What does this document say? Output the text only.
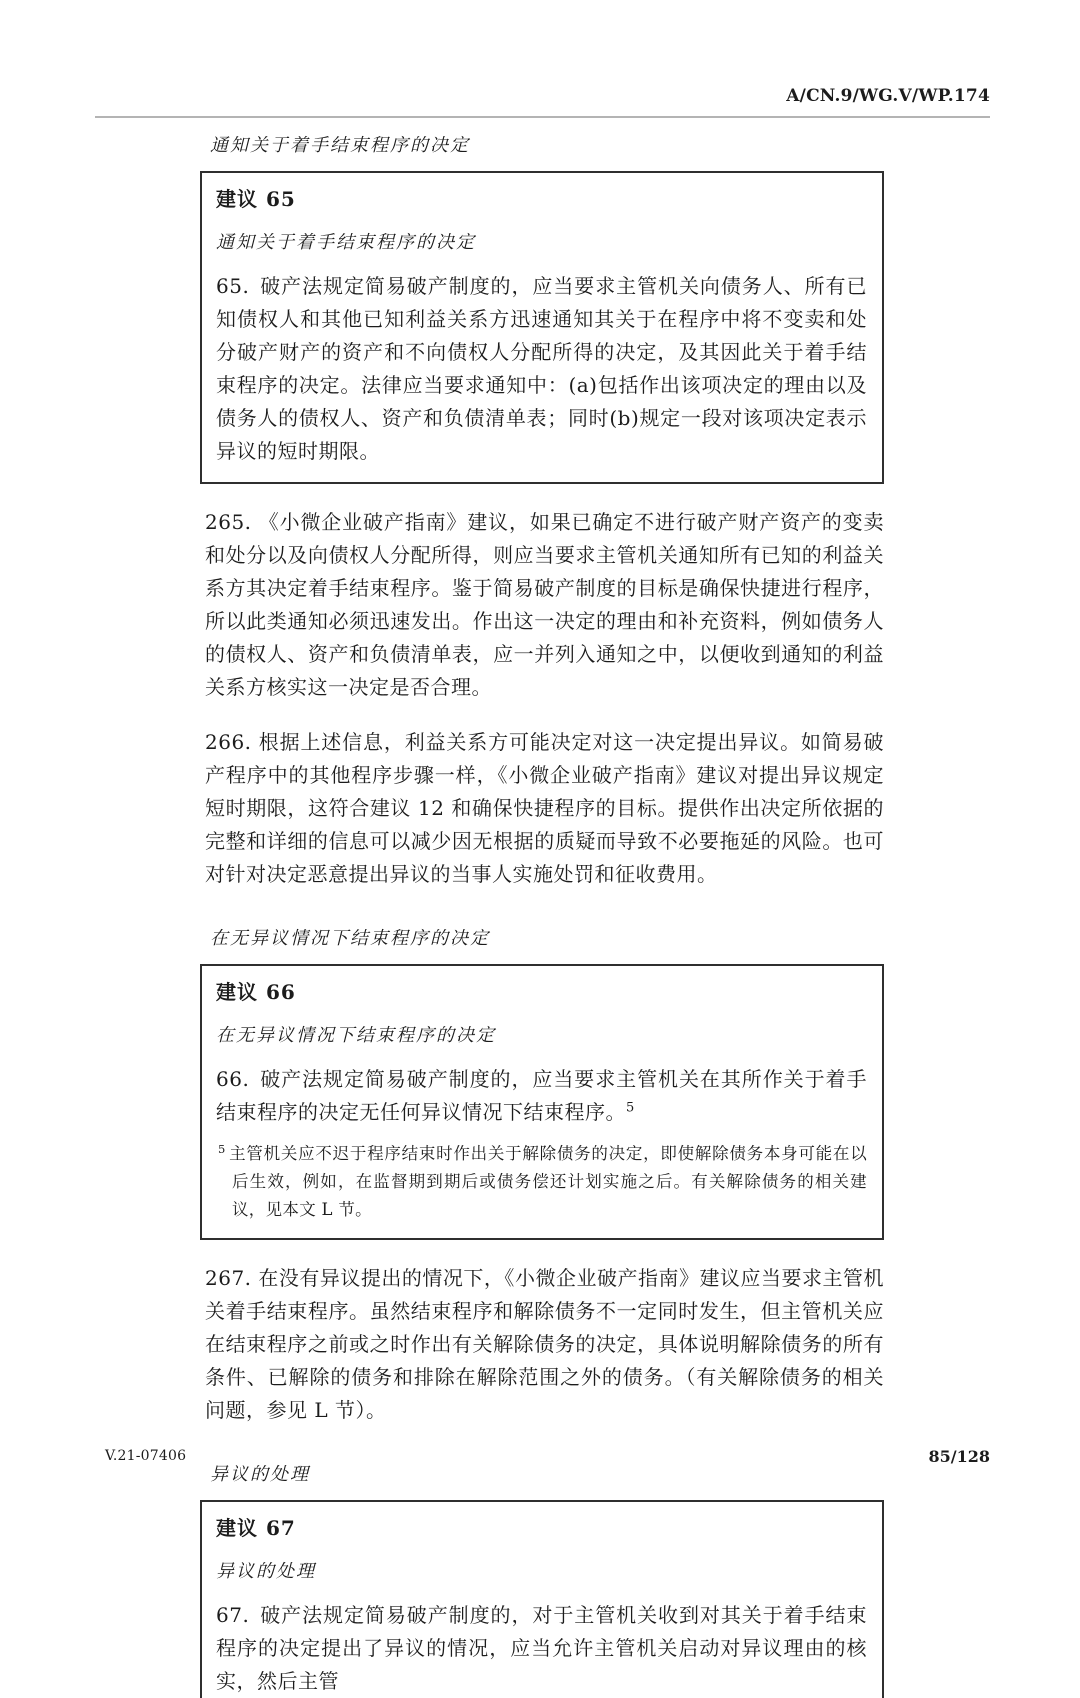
A/CN.9/WG.V/WP.174
通知关于着手结束程序的决定
建议 65
通知关于着手结束程序的决定
65. 破产法规定简易破产制度的，应当要求主管机关向债务人、所有已知债权人和其他已知利益关系方迅速通知其关于在程序中将不变卖和处分破产财产的资产和不向债权人分配所得的决定，及其因此关于着手结束程序的决定。法律应当要求通知中：(a)包括作出该项决定的理由以及债务人的债权人、资产和负债清单表；同时(b)规定一段对该项决定表示异议的短时期限。
265. 《小微企业破产指南》建议，如果已确定不进行破产财产资产的变卖和处分以及向债权人分配所得，则应当要求主管机关通知所有已知的利益关系方其决定着手结束程序。鉴于简易破产制度的目标是确保快捷进行程序，所以此类通知必须迅速发出。作出这一决定的理由和补充资料，例如债务人的债权人、资产和负债清单表，应一并列入通知之中，以便收到通知的利益关系方核实这一决定是否合理。
266. 根据上述信息，利益关系方可能决定对这一决定提出异议。如简易破产程序中的其他程序步骤一样，《小微企业破产指南》建议对提出异议规定短时期限，这符合建议 12 和确保快捷程序的目标。提供作出决定所依据的完整和详细的信息可以减少因无根据的质疑而导致不必要拖延的风险。也可对针对决定恶意提出异议的当事人实施处罚和征收费用。
在无异议情况下结束程序的决定
建议 66
在无异议情况下结束程序的决定
66. 破产法规定简易破产制度的，应当要求主管机关在其所作关于着手结束程序的决定无任何异议情况下结束程序。$^5$
$^5$ 主管机关应不迟于程序结束时作出关于解除债务的决定，即使解除债务本身可能在以后生效，例如，在监督期到期后或债务偿还计划实施之后。有关解除债务的相关建议，见本文 L 节。
267. 在没有异议提出的情况下，《小微企业破产指南》建议应当要求主管机关着手结束程序。虽然结束程序和解除债务不一定同时发生，但主管机关应在结束程序之前或之时作出有关解除债务的决定，具体说明解除债务的所有条件、已解除的债务和排除在解除范围之外的债务。（有关解除债务的相关问题，参见 L 节）。
异议的处理
建议 67
异议的处理
67. 破产法规定简易破产制度的，对于主管机关收到对其关于着手结束程序的决定提出了异议的情况，应当允许主管机关启动对异议理由的核实，然后主管
V.21-07406	85/128
